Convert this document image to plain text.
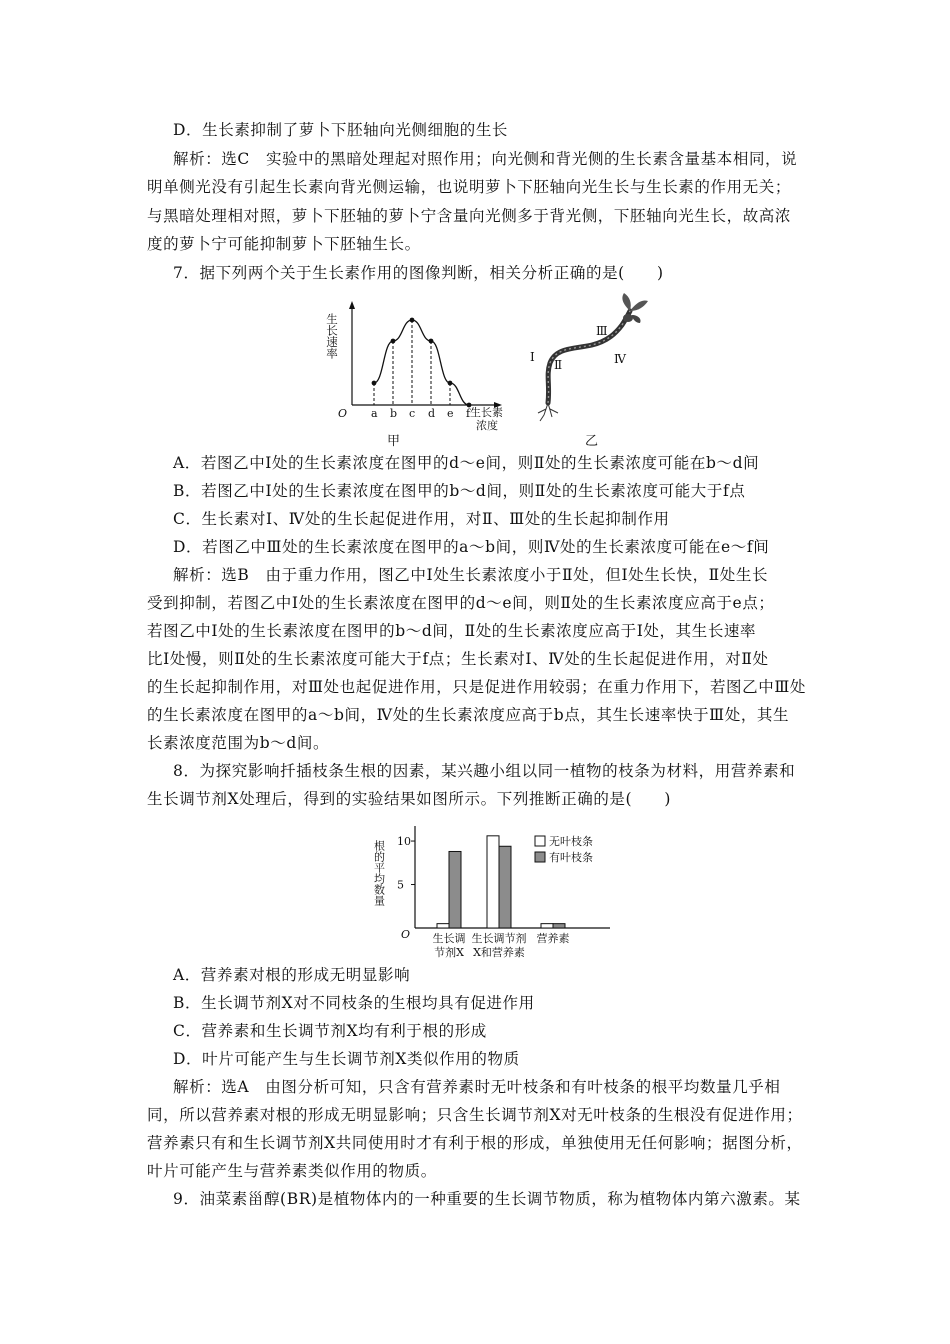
D．生长素抑制了萝卜下胚轴向光侧细胞的生长
解析：选C　实验中的黑暗处理起对照作用；向光侧和背光侧的生长素含量基本相同，说
明单侧光没有引起生长素向背光侧运输，也说明萝卜下胚轴向光生长与生长素的作用无关；
与黑暗处理相对照，萝卜下胚轴的萝卜宁含量向光侧多于背光侧，下胚轴向光生长，故高浓
度的萝卜宁可能抑制萝卜下胚轴生长。
7．据下列两个关于生长素作用的图像判断，相关分析正确的是(　　)
a b c d e f
生长速率
O	生长素
浓度
甲
Ⅰ
Ⅱ
Ⅲ
Ⅳ
乙
A．若图乙中Ⅰ处的生长素浓度在图甲的d～e间，则Ⅱ处的生长素浓度可能在b～d间
B．若图乙中Ⅰ处的生长素浓度在图甲的b～d间，则Ⅱ处的生长素浓度可能大于f点
C．生长素对Ⅰ、Ⅳ处的生长起促进作用，对Ⅱ、Ⅲ处的生长起抑制作用
D．若图乙中Ⅲ处的生长素浓度在图甲的a～b间，则Ⅳ处的生长素浓度可能在e～f间
解析：选B　由于重力作用，图乙中Ⅰ处生长素浓度小于Ⅱ处，但Ⅰ处生长快，Ⅱ处生长
受到抑制，若图乙中Ⅰ处的生长素浓度在图甲的d～e间，则Ⅱ处的生长素浓度应高于e点；
若图乙中Ⅰ处的生长素浓度在图甲的b～d间，Ⅱ处的生长素浓度应高于Ⅰ处，其生长速率
比Ⅰ处慢，则Ⅱ处的生长素浓度可能大于f点；生长素对Ⅰ、Ⅳ处的生长起促进作用，对Ⅱ处
的生长起抑制作用，对Ⅲ处也起促进作用，只是促进作用较弱；在重力作用下，若图乙中Ⅲ处
的生长素浓度在图甲的a～b间，Ⅳ处的生长素浓度应高于b点，其生长速率快于Ⅲ处，其生
长素浓度范围为b～d间。
8．为探究影响扦插枝条生根的因素，某兴趣小组以同一植物的枝条为材料，用营养素和
生长调节剂X处理后，得到的实验结果如图所示。下列推断正确的是(　　)
根的平均数量
O
5
10
生长调
节剂X
生长调节剂
X和营养素
营养素
无叶枝条
有叶枝条
A．营养素对根的形成无明显影响
B．生长调节剂X对不同枝条的生根均具有促进作用
C．营养素和生长调节剂X均有利于根的形成
D．叶片可能产生与生长调节剂X类似作用的物质
解析：选A　由图分析可知，只含有营养素时无叶枝条和有叶枝条的根平均数量几乎相
同，所以营养素对根的形成无明显影响；只含生长调节剂X对无叶枝条的生根没有促进作用；
营养素只有和生长调节剂X共同使用时才有利于根的形成，单独使用无任何影响；据图分析，
叶片可能产生与营养素类似作用的物质。
9．油菜素甾醇(BR)是植物体内的一种重要的生长调节物质，称为植物体内第六激素。某
